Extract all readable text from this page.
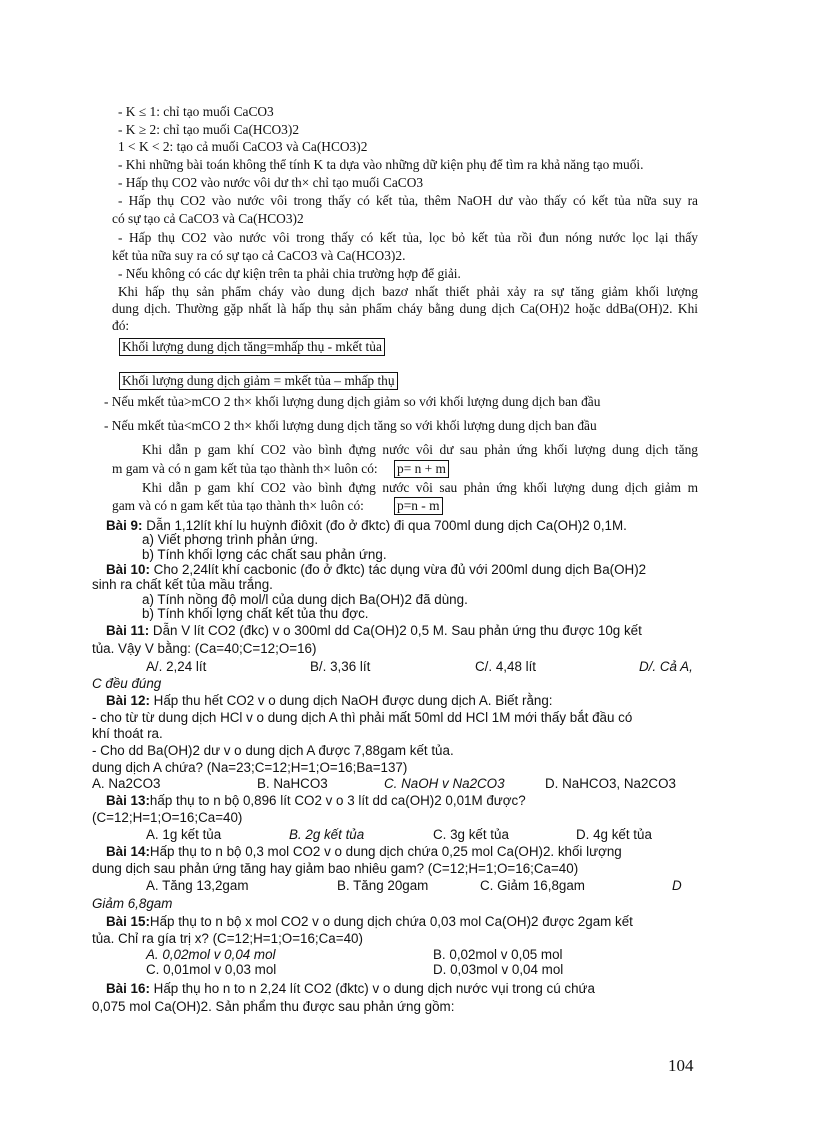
- K ≤ 1: chỉ tạo muối CaCO3
- K ≥ 2: chỉ tạo muối Ca(HCO3)2
1 < K < 2: tạo cả muối CaCO3 và Ca(HCO3)2
- Khi những bài toán không thể tính K ta dựa vào những dữ kiện phụ để tìm ra khả năng tạo muối.
- Hấp thụ CO2 vào nước vôi dư th× chỉ tạo muối CaCO3
- Hấp thụ CO2 vào nước vôi trong thấy có kết tủa, thêm NaOH dư vào thấy có kết tủa nữa suy ra
có sự tạo cả CaCO3 và Ca(HCO3)2
- Hấp thụ CO2 vào nước vôi trong thấy có kết tủa, lọc bỏ kết tủa rồi đun nóng nước lọc lại thấy
kết tủa nữa suy ra có sự tạo cả CaCO3 và Ca(HCO3)2.
- Nếu không có các dự kiện trên ta phải chia trường hợp để giải.
Khi hấp thụ sản phẩm cháy vào dung dịch bazơ nhất thiết phải xảy ra sự tăng giảm khối lượng
dung dịch. Thường gặp nhất là hấp thụ sản phẩm cháy bằng dung dịch Ca(OH)2 hoặc ddBa(OH)2. Khi
đó:
Khối lượng dung dịch tăng=mhấp thụ - mkết tủa
Khối lượng dung dịch giảm = mkết tủa – mhấp thụ
- Nếu mkết tủa>mCO 2 th× khối lượng dung dịch giảm so với khối lượng dung dịch ban đầu
- Nếu mkết tủa<mCO 2 th× khối lượng dung dịch tăng so với khối lượng dung dịch ban đầu
Khi dẫn p gam khí CO2 vào bình đựng nước vôi dư sau phản ứng khối lượng dung dịch tăng
m gam và có n gam kết tủa tạo thành th× luôn có: p= n + m
Khi dẫn p gam khí CO2 vào bình đựng nước vôi sau phản ứng khối lượng dung dịch giảm m
gam và có n gam kết tủa tạo thành th× luôn có: p=n - m
Bài 9: Dẫn 1,12lít khí lu huỳnh điôxit (đo ở đktc) đi qua 700ml dung dịch Ca(OH)2 0,1M.
a) Viết phơng trình phản ứng.
b) Tính khối lợng các chất sau phản ứng.
Bài 10: Cho 2,24lít khí cacbonic (đo ở đktc) tác dụng vừa đủ với 200ml dung dịch Ba(OH)2
sinh ra chất kết tủa mầu trắng.
a) Tính nồng độ mol/l của dung dịch Ba(OH)2 đã dùng.
b) Tính khối lợng chất kết tủa thu đợc.
Bài 11: Dẫn V lít CO2 (đkc) v o 300ml dd Ca(OH)2 0,5 M. Sau phản ứng thu được 10g kết
tủa. Vậy V bằng: (Ca=40;C=12;O=16)
A/. 2,24 lít	B/. 3,36 lít	C/. 4,48 lít	D/. Cả A,
C đều đúng
Bài 12: Hấp thu hết CO2 v o dung dịch NaOH được dung dịch A. Biết rằng:
- cho từ từ dung dịch HCl v o dung dịch A thì phải mất 50ml dd HCl 1M mới thấy bắt đầu có
khí thoát ra.
- Cho dd Ba(OH)2 dư v o dung dịch A được 7,88gam kết tủa.
dung dịch A chứa? (Na=23;C=12;H=1;O=16;Ba=137)
A. Na2CO3	B. NaHCO3	C. NaOH v Na2CO3	D. NaHCO3, Na2CO3
Bài 13:hấp thụ to n bộ 0,896 lít CO2 v o 3 lít dd ca(OH)2 0,01M được?
(C=12;H=1;O=16;Ca=40)
A. 1g kết tủa	B. 2g kết tủa	C. 3g kết tủa	D. 4g kết tủa
Bài 14:Hấp thụ to n bộ 0,3 mol CO2 v o dung dịch chứa 0,25 mol Ca(OH)2. khối lượng
dung dịch sau phản ứng tăng hay giảm bao nhiêu gam? (C=12;H=1;O=16;Ca=40)
A. Tăng 13,2gam	B. Tăng 20gam	C. Giảm 16,8gam	D
Giảm 6,8gam
Bài 15:Hấp thụ to n bộ x mol CO2 v o dung dịch chứa 0,03 mol Ca(OH)2 được 2gam kết
tủa. Chỉ ra gía trị x? (C=12;H=1;O=16;Ca=40)
A. 0,02mol v 0,04 mol	B. 0,02mol v 0,05 mol
C. 0,01mol v 0,03 mol	D. 0,03mol v 0,04 mol
Bài 16: Hấp thụ ho n to n 2,24 lít CO2 (đktc) v o dung dịch nước vụi trong cú chứa
0,075 mol Ca(OH)2. Sản phẩm thu được sau phản ứng gồm:
104
